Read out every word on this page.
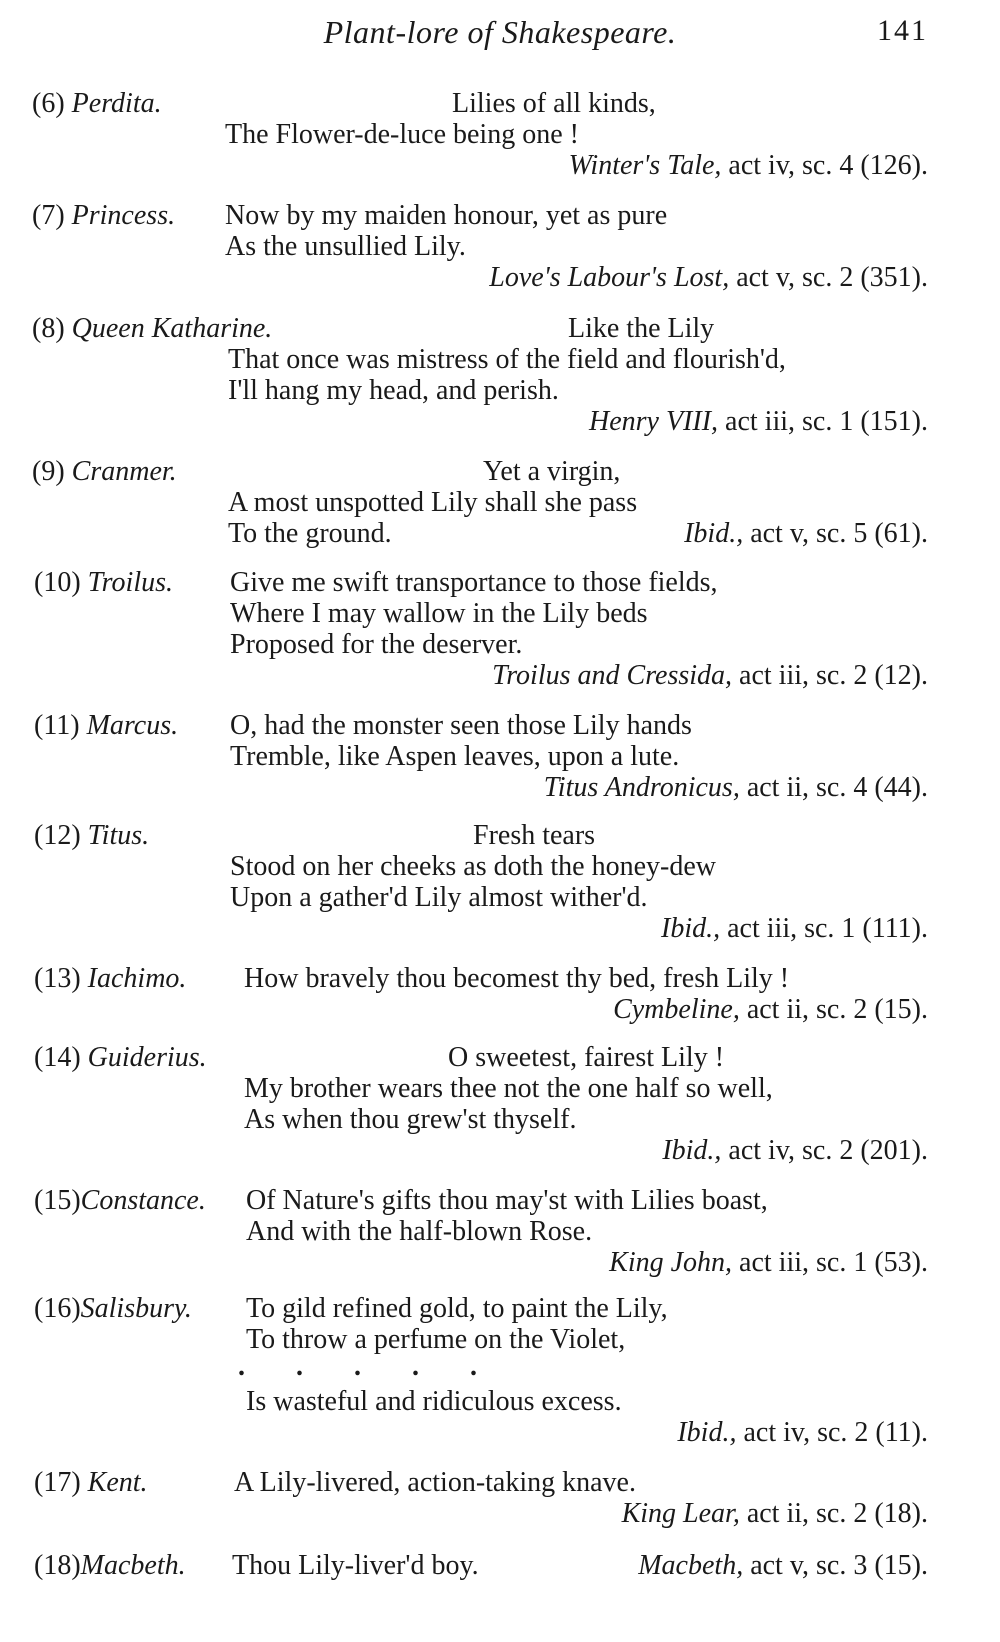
Plant-lore of Shakespeare.	141
(6) Perdita.	Lilies of all kinds,
The Flower-de-luce being one !
Winter's Tale, act iv, sc. 4 (126).
(7) Princess. Now by my maiden honour, yet as pure
As the unsullied Lily.
Love's Labour's Lost, act v, sc. 2 (351).
(8) Queen Katharine.	Like the Lily
That once was mistress of the field and flourish'd,
I'll hang my head, and perish.
Henry VIII, act iii, sc. 1 (151).
(9) Cranmer.	Yet a virgin,
A most unspotted Lily shall she pass
To the ground.	Ibid., act v, sc. 5 (61).
(10) Troilus. Give me swift transportance to those fields,
Where I may wallow in the Lily beds
Proposed for the deserver.
Troilus and Cressida, act iii, sc. 2 (12).
(11) Marcus. O, had the monster seen those Lily hands
Tremble, like Aspen leaves, upon a lute.
Titus Andronicus, act ii, sc. 4 (44).
(12) Titus.	Fresh tears
Stood on her cheeks as doth the honey-dew
Upon a gather'd Lily almost wither'd.
Ibid., act iii, sc. 1 (111).
(13) Iachimo. How bravely thou becomest thy bed, fresh Lily !
Cymbeline, act ii, sc. 2 (15).
(14) Guiderius.	O sweetest, fairest Lily !
My brother wears thee not the one half so well,
As when thou grew'st thyself.
Ibid., act iv, sc. 2 (201).
(15)Constance. Of Nature's gifts thou may'st with Lilies boast,
And with the half-blown Rose.
King John, act iii, sc. 1 (53).
(16)Salisbury. To gild refined gold, to paint the Lily,
To throw a perfume on the Violet,
. . . . .
Is wasteful and ridiculous excess.
Ibid., act iv, sc. 2 (11).
(17) Kent.	A Lily-livered, action-taking knave.
King Lear, act ii, sc. 2 (18).
(18)Macbeth. Thou Lily-liver'd boy.	Macbeth, act v, sc. 3 (15).
